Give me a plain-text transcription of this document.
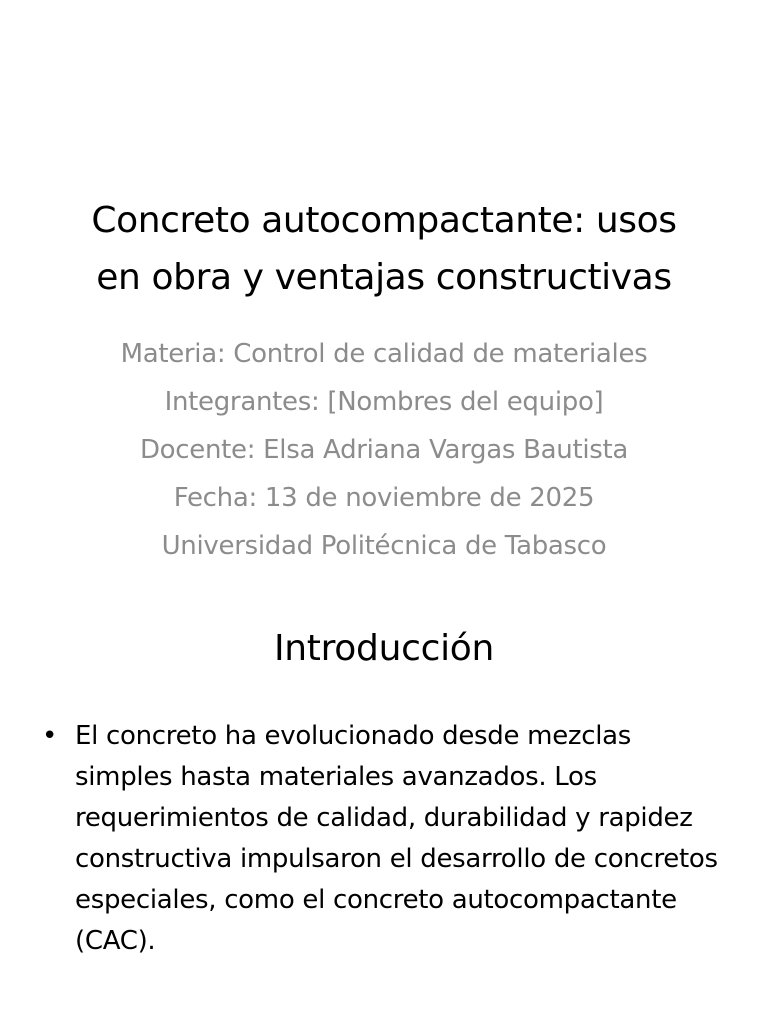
Concreto autocompactante: usos
en obra y ventajas constructivas
Materia: Control de calidad de materiales
Integrantes: [Nombres del equipo]
Docente: Elsa Adriana Vargas Bautista
Fecha: 13 de noviembre de 2025
Universidad Politécnica de Tabasco
Introducción
• El concreto ha evolucionado desde mezclas simples hasta materiales avanzados. Los requerimientos de calidad, durabilidad y rapidez constructiva impulsaron el desarrollo de concretos especiales, como el concreto autocompactante (CAC).
